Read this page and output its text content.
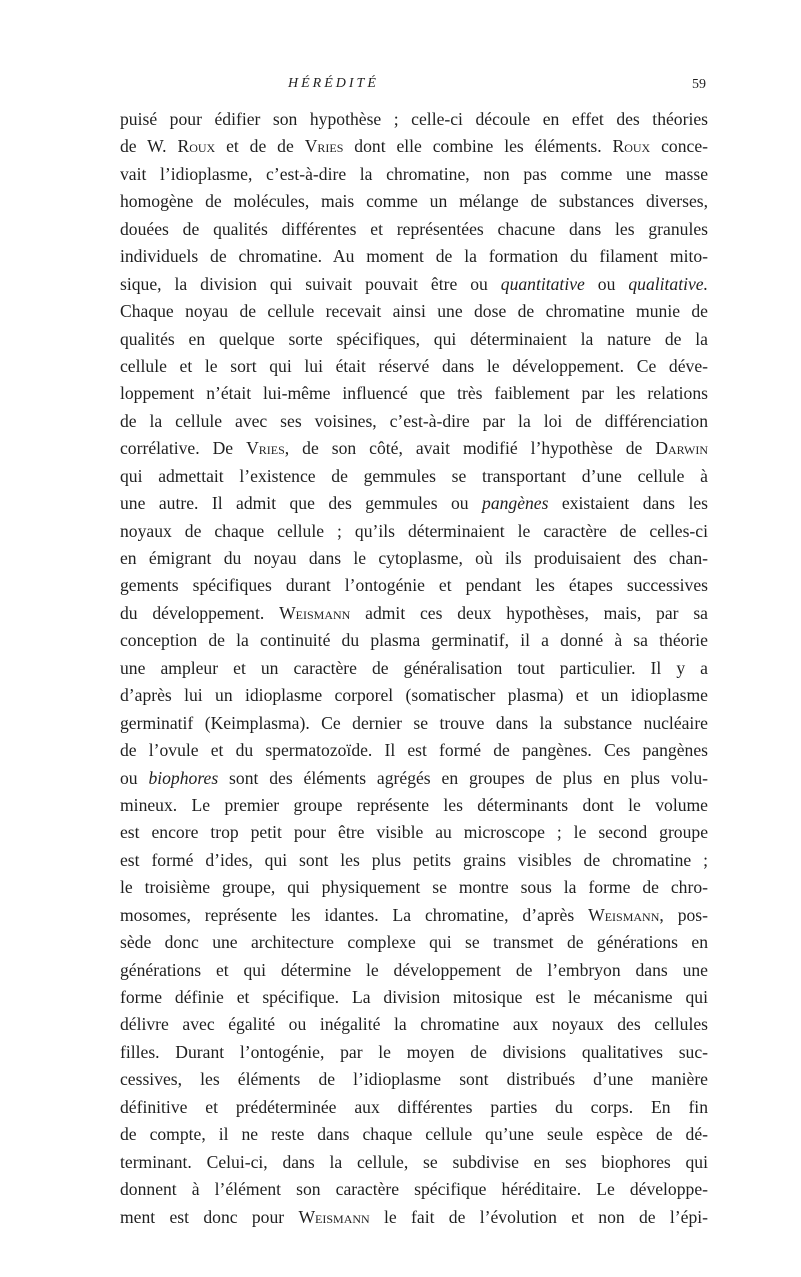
HÉRÉDITÉ	59
puisé pour édifier son hypothèse ; celle-ci découle en effet des théories
de W. Roux et de de Vries dont elle combine les éléments. Roux conce-
vait l’idioplasme, c’est-à-dire la chromatine, non pas comme une masse
homogène de molécules, mais comme un mélange de substances diverses,
douées de qualités différentes et représentées chacune dans les granules
individuels de chromatine. Au moment de la formation du filament mito-
sique, la division qui suivait pouvait être ou quantitative ou qualitative.
Chaque noyau de cellule recevait ainsi une dose de chromatine munie de
qualités en quelque sorte spécifiques, qui déterminaient la nature de la
cellule et le sort qui lui était réservé dans le développement. Ce déve-
loppement n’était lui-même influencé que très faiblement par les relations
de la cellule avec ses voisines, c’est-à-dire par la loi de différenciation
corrélative. De Vries, de son côté, avait modifié l’hypothèse de Darwin
qui admettait l’existence de gemmules se transportant d’une cellule à
une autre. Il admit que des gemmules ou pangènes existaient dans les
noyaux de chaque cellule ; qu’ils déterminaient le caractère de celles-ci
en émigrant du noyau dans le cytoplasme, où ils produisaient des chan-
gements spécifiques durant l’ontogénie et pendant les étapes successives
du développement. Weismann admit ces deux hypothèses, mais, par sa
conception de la continuité du plasma germinatif, il a donné à sa théorie
une ampleur et un caractère de généralisation tout particulier. Il y a
d’après lui un idioplasme corporel (somatischer plasma) et un idioplasme
germinatif (Keimplasma). Ce dernier se trouve dans la substance nucléaire
de l’ovule et du spermatozoïde. Il est formé de pangènes. Ces pangènes
ou biophores sont des éléments agrégés en groupes de plus en plus volu-
mineux. Le premier groupe représente les déterminants dont le volume
est encore trop petit pour être visible au microscope ; le second groupe
est formé d’ides, qui sont les plus petits grains visibles de chromatine ;
le troisième groupe, qui physiquement se montre sous la forme de chro-
mosomes, représente les idantes. La chromatine, d’après Weismann, pos-
sède donc une architecture complexe qui se transmet de générations en
générations et qui détermine le développement de l’embryon dans une
forme définie et spécifique. La division mitosique est le mécanisme qui
délivre avec égalité ou inégalité la chromatine aux noyaux des cellules
filles. Durant l’ontogénie, par le moyen de divisions qualitatives suc-
cessives, les éléments de l’idioplasme sont distribués d’une manière
définitive et prédéterminée aux différentes parties du corps. En fin
de compte, il ne reste dans chaque cellule qu’une seule espèce de dé-
terminant. Celui-ci, dans la cellule, se subdivise en ses biophores qui
donnent à l’élément son caractère spécifique héréditaire. Le développe-
ment est donc pour Weismann le fait de l’évolution et non de l’épi-
